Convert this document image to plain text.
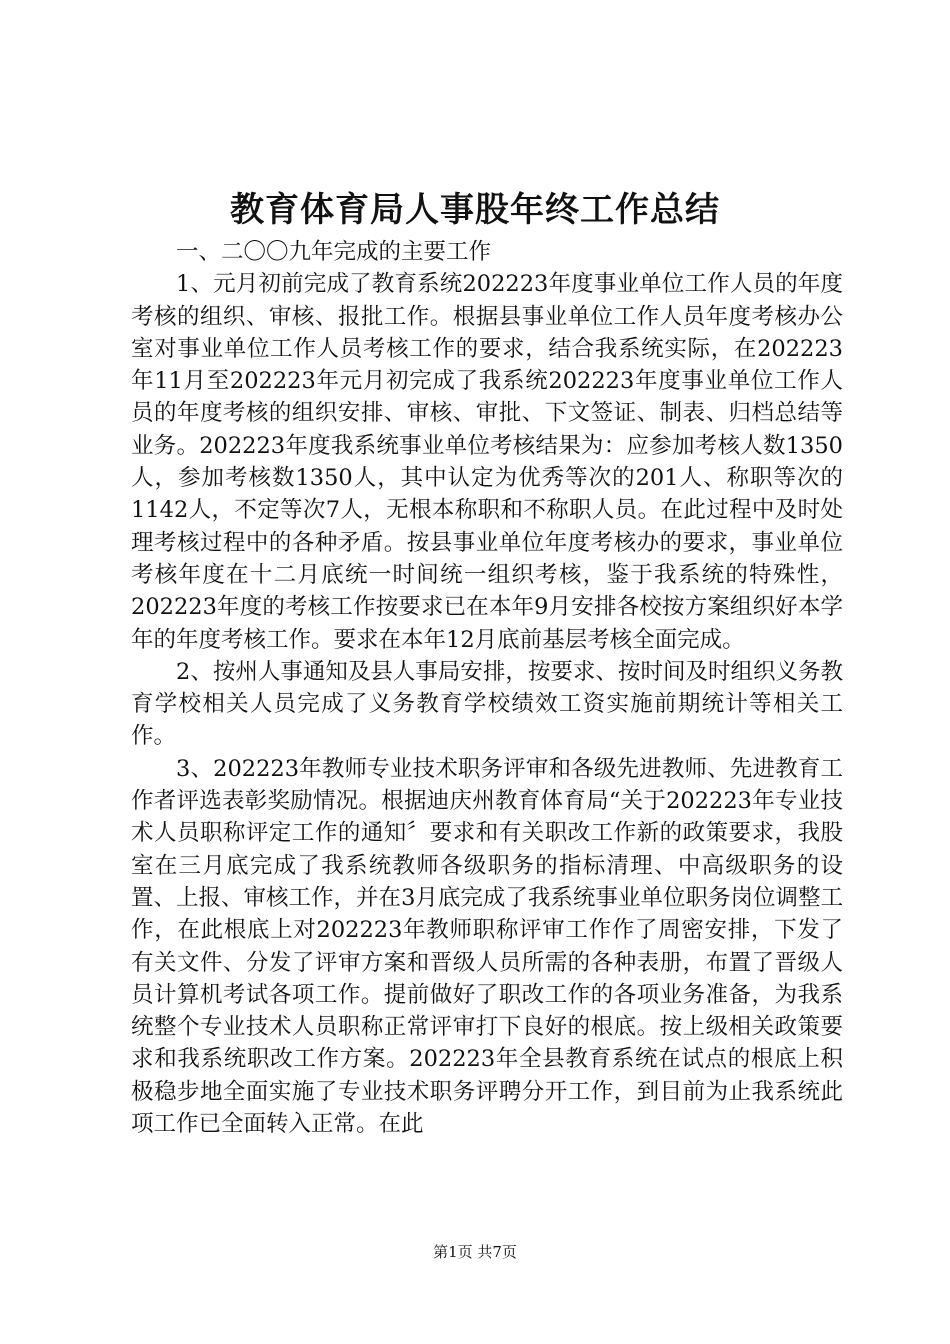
教育体育局人事股年终工作总结

一、二〇〇九年完成的主要工作

1、元月初前完成了教育系统202223年度事业单位工作人员的年度考核的组织、审核、报批工作。根据县事业单位工作人员年度考核办公室对事业单位工作人员考核工作的要求，结合我系统实际，在202223年11月至202223年元月初完成了我系统202223年度事业单位工作人员的年度考核的组织安排、审核、审批、下文签证、制表、归档总结等业务。202223年度我系统事业单位考核结果为：应参加考核人数1350人，参加考核数1350人，其中认定为优秀等次的201人、称职等次的1142人，不定等次7人，无根本称职和不称职人员。在此过程中及时处理考核过程中的各种矛盾。按县事业单位年度考核办的要求，事业单位考核年度在十二月底统一时间统一组织考核，鉴于我系统的特殊性，202223年度的考核工作按要求已在本年9月安排各校按方案组织好本学年的年度考核工作。要求在本年12月底前基层考核全面完成。

2、按州人事通知及县人事局安排，按要求、按时间及时组织义务教育学校相关人员完成了义务教育学校绩效工资实施前期统计等相关工作。

3、202223年教师专业技术职务评审和各级先进教师、先进教育工作者评选表彰奖励情况。根据迪庆州教育体育局“关于202223年专业技术人员职称评定工作的通知〞要求和有关职改工作新的政策要求，我股室在三月底完成了我系统教师各级职务的指标清理、中高级职务的设置、上报、审核工作，并在3月底完成了我系统事业单位职务岗位调整工作，在此根底上对202223年教师职称评审工作作了周密安排，下发了有关文件、分发了评审方案和晋级人员所需的各种表册，布置了晋级人员计算机考试各项工作。提前做好了职改工作的各项业务准备，为我系统整个专业技术人员职称正常评审打下良好的根底。按上级相关政策要求和我系统职改工作方案。202223年全县教育系统在试点的根底上积极稳步地全面实施了专业技术职务评聘分开工作，到目前为止我系统此项工作已全面转入正常。在此

第1页 共7页
